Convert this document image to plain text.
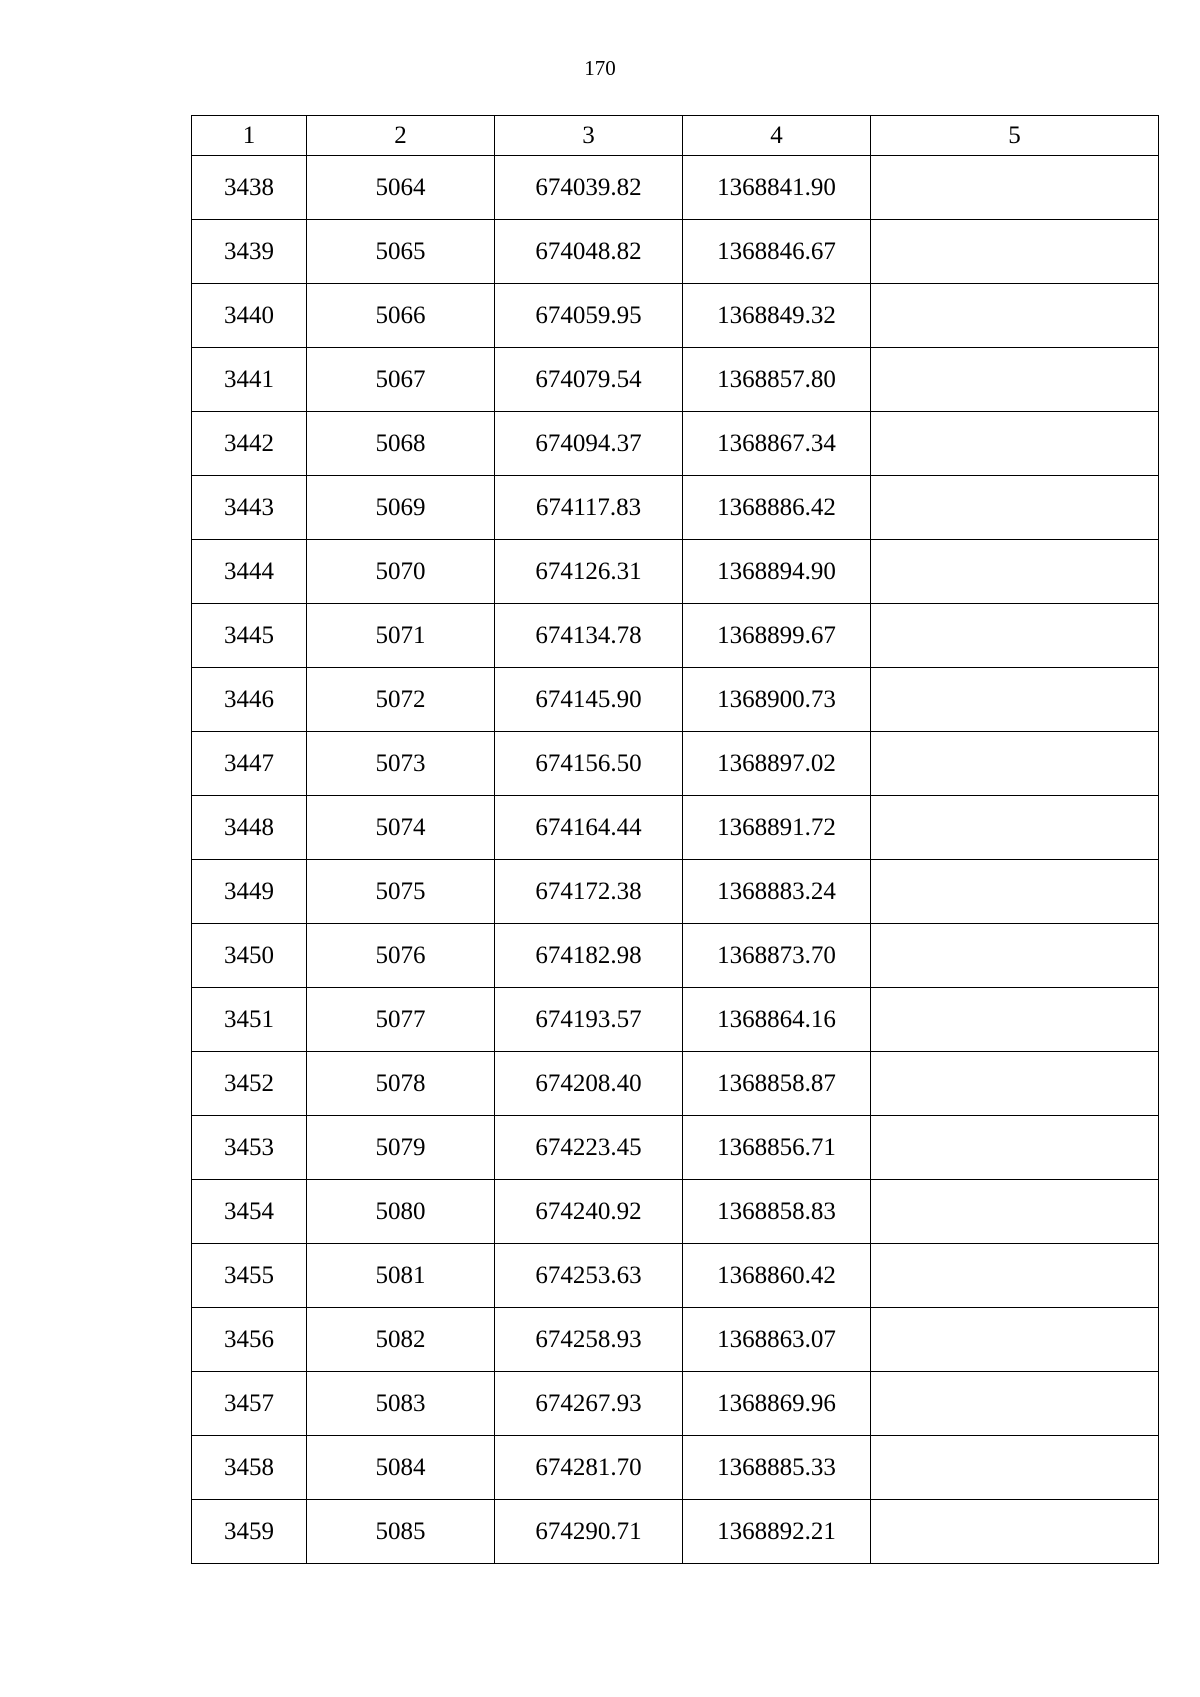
170
1	2	3	4	5
3438	5064	674039.82	1368841.90	
3439	5065	674048.82	1368846.67	
3440	5066	674059.95	1368849.32	
3441	5067	674079.54	1368857.80	
3442	5068	674094.37	1368867.34	
3443	5069	674117.83	1368886.42	
3444	5070	674126.31	1368894.90	
3445	5071	674134.78	1368899.67	
3446	5072	674145.90	1368900.73	
3447	5073	674156.50	1368897.02	
3448	5074	674164.44	1368891.72	
3449	5075	674172.38	1368883.24	
3450	5076	674182.98	1368873.70	
3451	5077	674193.57	1368864.16	
3452	5078	674208.40	1368858.87	
3453	5079	674223.45	1368856.71	
3454	5080	674240.92	1368858.83	
3455	5081	674253.63	1368860.42	
3456	5082	674258.93	1368863.07	
3457	5083	674267.93	1368869.96	
3458	5084	674281.70	1368885.33	
3459	5085	674290.71	1368892.21	
